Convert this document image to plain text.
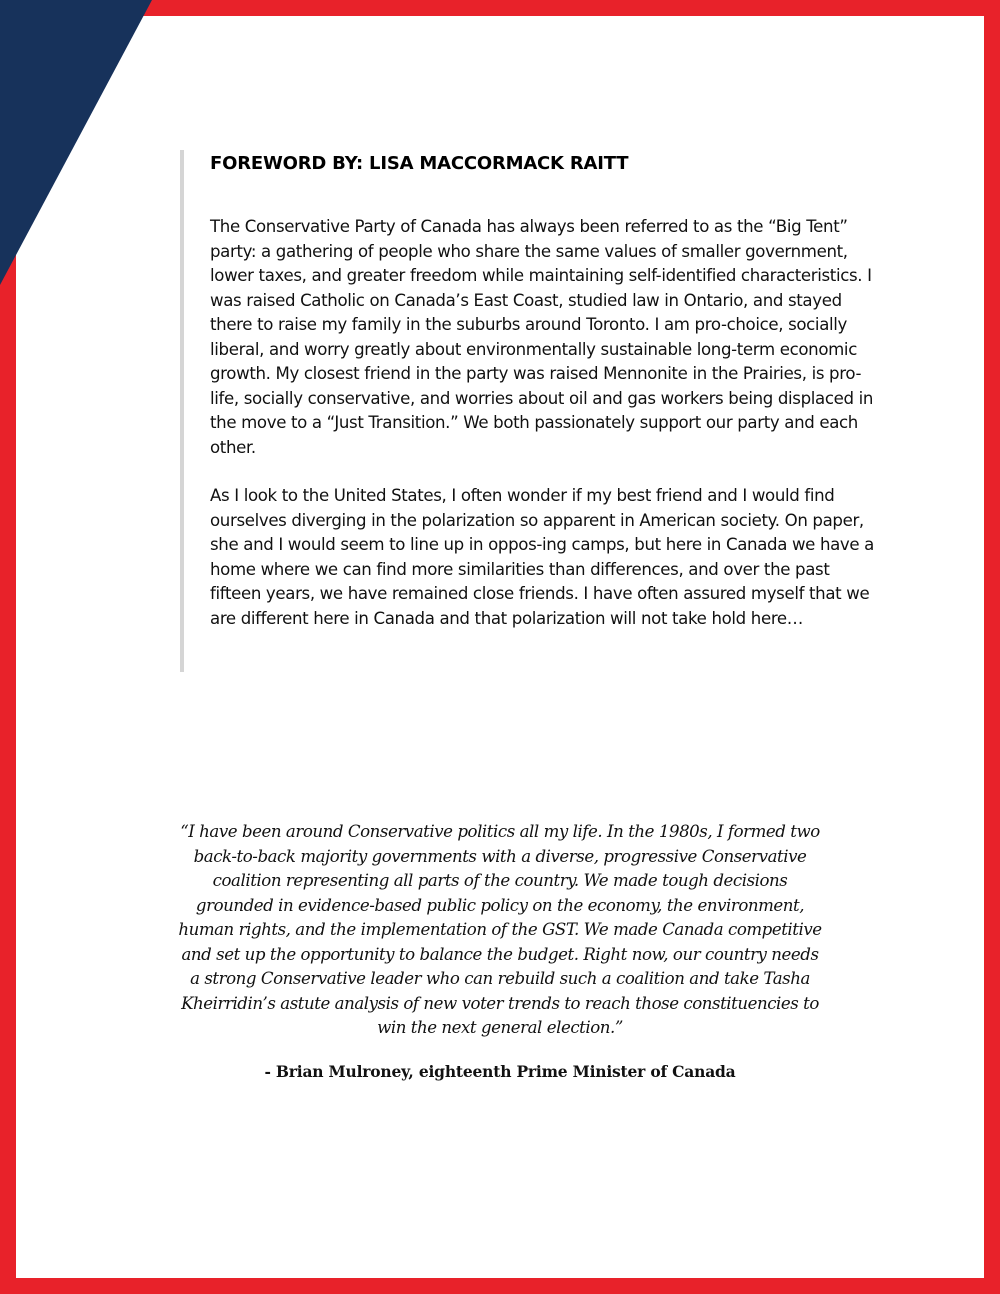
FOREWORD BY: LISA MACCORMACK RAITT

The Conservative Party of Canada has always been referred to as the “Big Tent” party: a gathering of people who share the same values of smaller government, lower taxes, and greater freedom while maintaining self-identified characteristics. I was raised Catholic on Canada’s East Coast, studied law in Ontario, and stayed there to raise my family in the suburbs around Toronto. I am pro-choice, socially liberal, and worry greatly about environmentally sustainable long-term economic growth. My closest friend in the party was raised Mennonite in the Prairies, is pro-life, socially conservative, and worries about oil and gas workers being displaced in the move to a “Just Transition.” We both passionately support our party and each other.

As I look to the United States, I often wonder if my best friend and I would find ourselves diverging in the polarization so apparent in American society. On paper, she and I would seem to line up in oppos-ing camps, but here in Canada we have a home where we can find more similarities than differences, and over the past fifteen years, we have remained close friends. I have often assured myself that we are different here in Canada and that polarization will not take hold here…

“I have been around Conservative politics all my life. In the 1980s, I formed two back-to-back majority governments with a diverse, progressive Conservative coalition representing all parts of the country. We made tough decisions grounded in evidence-based public policy on the economy, the environment, human rights, and the implementation of the GST. We made Canada competitive and set up the opportunity to balance the budget. Right now, our country needs a strong Conservative leader who can rebuild such a coalition and take Tasha Kheirridin’s astute analysis of new voter trends to reach those constituencies to win the next general election.”

- Brian Mulroney, eighteenth Prime Minister of Canada
